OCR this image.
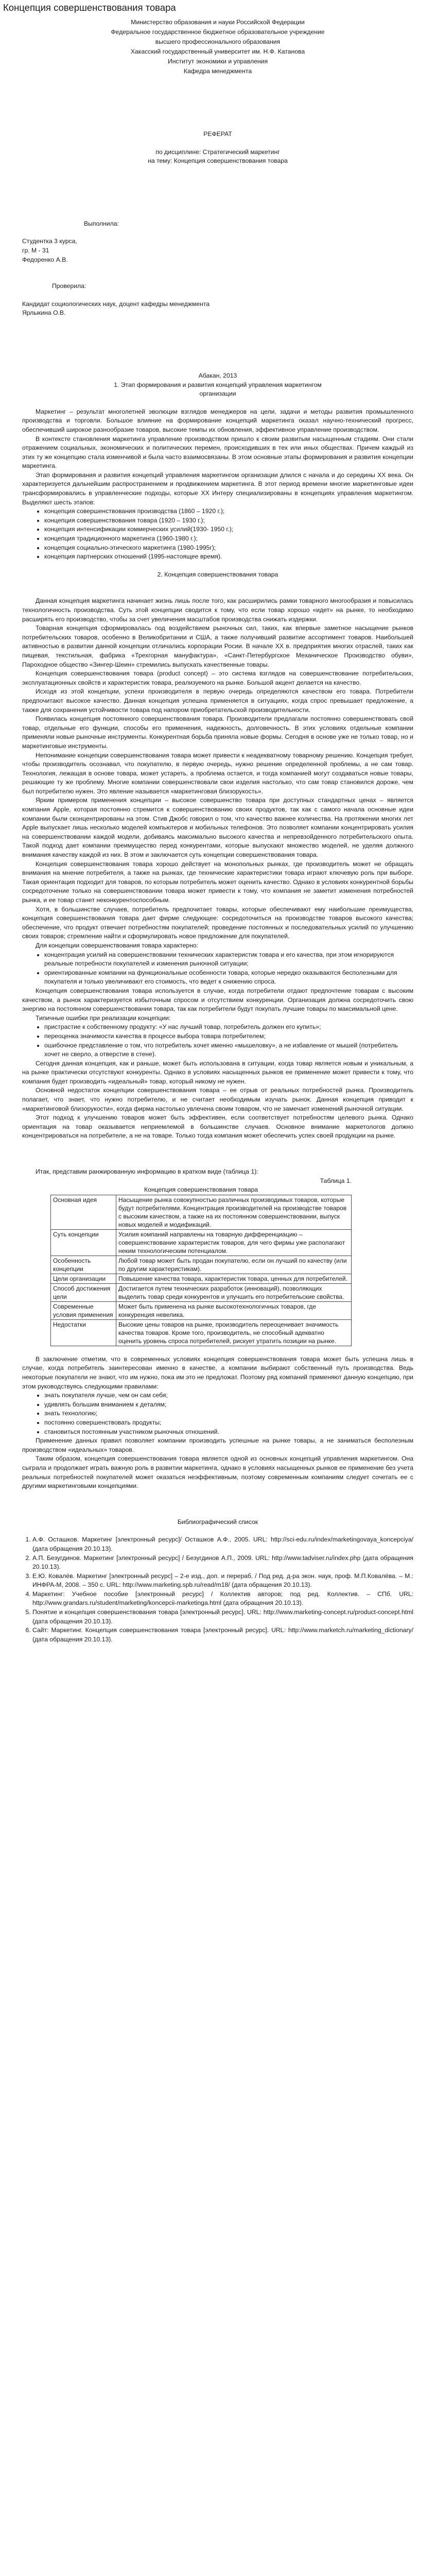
Концепция совершенствования товара

Министерство образования и науки Российской Федерации

Федеральное государственное бюджетное образовательное учреждение

высшего профессионального образования

Хакасский государственный университет им. Н.Ф. Катанова

Институт экономики и управления

Кафедра менеджмента

РЕФЕРАТ

по дисциплине: Стратегический маркетинг

на тему: Концепция совершенствования товара

Выполнила:

Студентка 3 курса,

гр. М - 31

Федоренко А.В.

Проверила:

Кандидат социологических наук, доцент кафедры менеджмента

Ярлыкина О.В.

Абакан, 2013

1. Этап формирования и развития концепций управления маркетингом

организации

Маркетинг – результат многолетней эволюции взглядов менеджеров на цели, задачи и методы развития промышленного производства и торговли. Большое влияние на формирование концепций маркетинга оказал научно-технический прогресс, обеспечивший широкое разнообразие товаров, высокие темпы их обновления, эффективное управление производством.

В контексте становления маркетинга управление производством пришло к своим развитым насыщенным стадиям. Они стали отражением социальных, экономических и политических перемен, происходивших в тех или иных обществах. Причем каждый из этих ту же концепцию стала изменчивой и была часто взаимосвязаны. В этом основные этапы формирования и развития концепции маркетинга.

Этап формирования и развития концепций управления маркетингом организации длился с начала и до середины XX века. Он характеризуется дальнейшим распространением и продвижением маркетинга. В этот период времени многие маркетинговые идеи трансформировались в управленческие подходы, которые XX Интеру специализированы в концепциях управления маркетингом. Выделяют шесть этапов:

• концепция совершенствования производства (1860 – 1920 г.);
• концепция совершенствования товара (1920 – 1930 г.);
• концепция интенсификации коммерческих усилий(1930- 1950 г.);
• концепция традиционного маркетинга (1960-1980 г.);
• концепция социально-этического маркетинга (1980-1995г);
• концепция партнерских отношений (1995-настоящее время).

2. Концепция совершенствования товара

Данная концепция маркетинга начинает жизнь лишь после того, как расширились рамки товарного многообразия и повысилась технологичность производства. Суть этой концепции сводится к тому, что если товар хорошо «идет» на рынке, то необходимо расширять его производство, чтобы за счет увеличения масштабов производства снижать издержки.

Товарная концепция сформировалась под воздействием рыночных сил, таких, как впервые заметное насыщение рынков потребительских товаров, особенно в Великобритании и США, а также получивший развитие ассортимент товаров. Наибольшей активностью в развитии данной концепции отличались корпорации Росии. В начале XX в. предприятия многих отраслей, таких как пищевая, текстильная, фабрика «Трехгорная мануфактура», «Санкт-Петербургское Механическое Производство обуви», Пароходное общество «Зингер-Шеин» стремились выпускать качественные товары.

Концепция совершенствования товара (product concept) – это система взглядов на совершенствование потребительских, эксплуатационных свойств и характеристик товара, реализуемого на рынке. Большой акцент делается на качество.

Исходя из этой концепции, успехи производителя в первую очередь определяются качеством его товара. Потребители предпочитают высокое качество. Данная концепция успешна применяется в ситуациях, когда спрос превышает предложение, а также для сохранения устойчивости товара под напором приобретательской производительности.

Появилась концепция постоянного совершенствования товара. Производители предлагали постоянно совершенствовать свой товар, отдельные его функции, способы его применения, надежность, долговечность. В этих условиях отдельные компании применяли новые рыночные инструменты. Конкурентная борьба приняла новые формы. Сегодня в основе уже не только товар, но и маркетинговые инструменты.

Непонимание концепции совершенствования товара может привести к неадекватному товарному решению. Концепция требует, чтобы производитель осознавал, что покупателю, в первую очередь, нужно решение определенной проблемы, а не сам товар. Технология, лежащая в основе товара, может устареть, а проблема остается, и тогда компанией могут создаваться новые товары, решающие ту же проблему. Многие компании совершенствовали свои изделия настолько, что сам товар становился дороже, чем был потребителю нужен. Это явление называется «маркетинговая близорукость».

Ярким примером применения концепции – высокое совершенство товара при доступных стандартных ценах – является компания Apple, которая постоянно стремится к совершенствованию своих продуктов, так как с самого начала основные идеи компании были сконцентрированы на этом. Стив Джобс говорил о том, что качество важнее количества. На протяжении многих лет Apple выпускает лишь несколько моделей компьютеров и мобильных телефонов. Это позволяет компании концентрировать усилия на совершенствовании каждой модели, добиваясь максимально высокого качества и непревзойденного потребительского опыта. Такой подход дает компании преимущество перед конкурентами, которые выпускают множество моделей, не уделяя должного внимания качеству каждой из них. В этом и заключается суть концепции совершенствования товара.

Концепция совершенствования товара хорошо действует на монопольных рынках, где производитель может не обращать внимания на мнение потребителя, а также на рынках, где технические характеристики товара играют ключевую роль при выборе. Такая ориентация подходит для товаров, по которым потребитель может оценить качество. Однако в условиях конкурентной борьбы сосредоточение только на совершенствовании товара может привести к тому, что компания не заметит изменения потребностей рынка, и ее товар станет неконкурентоспособным.

Хотя, в большинстве случаев, потребитель предпочитает товары, которые обеспечивают ему наибольшие преимущества, концепция совершенствования товара дает фирме следующее: сосредоточиться на производстве товаров высокого качества; обеспечение, что продукт отвечает потребностям покупателей; проведение постоянных и последовательных усилий по улучшению своих товаров; стремление найти и сформулировать новое предложение для покупателей.

Для концепции совершенствования товара характерно:

• концентрация усилий на совершенствовании технических характеристик товара и его качества, при этом игнорируются реальные потребности покупателей и изменения рыночной ситуации;
• ориентированные компании на функциональные особенности товара, которые нередко оказываются бесполезными для покупателя и только увеличивают его стоимость, что ведет к снижению спроса.

Концепция совершенствования товара используется в случае, когда потребители отдают предпочтение товарам с высоким качеством, а рынок характеризуется избыточным спросом и отсутствием конкуренции. Организация должна сосредоточить свою энергию на постоянном совершенствовании товара, так как потребители будут покупать лучшие товары по максимальной цене.

Типичные ошибки при реализации концепции:

• пристрастие к собственному продукту: «У нас лучший товар, потребитель должен его купить»;
• переоценка значимости качества в процессе выбора товара потребителем;
• ошибочное представление о том, что потребитель хочет именно «мышеловку», а не избавление от мышей (потребитель хочет не сверло, а отверстие в стене).

Сегодня данная концепция, как и раньше, может быть использована в ситуации, когда товар является новым и уникальным, а на рынке практически отсутствуют конкуренты. Однако в условиях насыщенных рынков ее применение может привести к тому, что компания будет производить «идеальный» товар, который никому не нужен.

Основной недостаток концепции совершенствования товара – ее отрыв от реальных потребностей рынка. Производитель полагает, что знает, что нужно потребителю, и не считает необходимым изучать рынок. Данная концепция приводит к «маркетинговой близорукости», когда фирма настолько увлечена своим товаром, что не замечает изменений рыночной ситуации.

Этот подход к улучшению товаров может быть эффективен, если соответствует потребностям целевого рынка. Однако ориентация на товар оказывается неприемлемой в большинстве случаев. Основное внимание маркетологов должно концентрироваться на потребителе, а не на товаре. Только тогда компания может обеспечить успех своей продукции на рынке.

Итак, представим ранжированную информацию в кратком виде (таблица 1):

Таблица 1.

Концепция совершенствования товара

Основная идея	Насыщение рынка совокупностью различных производимых товаров, которые будут потребителями. Концентрация производителей на производстве товаров с высоким качеством, а также на их постоянном совершенствовании, выпуск новых моделей и модификаций.
Суть концепции	Усилия компаний направлены на товарную дифференциацию – совершенствование характеристик товаров, для чего фирмы уже располагают неким технологическим потенциалом.
Особенность концепции	Любой товар может быть продан покупателю, если он лучший по качеству (или по другим характеристикам).
Цели организации	Повышение качества товара, характеристик товара, ценных для потребителей.
Способ достижения цели	Достигается путем технических разработок (инноваций), позволяющих выделить товар среди конкурентов и улучшить его потребительские свойства.
Современные условия применения	Может быть применена на рынке высокотехнологичных товаров, где конкуренция невелика.
Недостатки	Высокие цены товаров на рынке, производитель переоценивает значимость качества товаров. Кроме того, производитель, не способный адекватно оценить уровень спроса потребителей, рискует утратить позиции на рынке.

В заключение отметим, что в современных условиях концепция совершенствования товара может быть успешна лишь в случае, когда потребитель заинтересован именно в качестве, а компании выбирают собственный путь производства. Ведь некоторые покупатели не знают, что им нужно, пока им это не предложат. Поэтому ряд компаний применяют данную концепцию, при этом руководствуясь следующими правилами:

• знать покупателя лучше, чем он сам себя;
• удивлять большим вниманием к деталям;
• знать технологию;
• постоянно совершенствовать продукты;
• становиться постоянным участником рыночных отношений.

Применение данных правил позволяет компании производить успешные на рынке товары, а не заниматься бесполезным производством «идеальных» товаров.

Таким образом, концепция совершенствования товара является одной из основных концепций управления маркетингом. Она сыграла и продолжает играть важную роль в развитии маркетинга, однако в условиях насыщенных рынков ее применение без учета реальных потребностей покупателей может оказаться неэффективным, поэтому современным компаниям следует сочетать ее с другими маркетинговыми концепциями.

Библиографический список

1. А.Ф. Осташков. Маркетинг [электронный ресурс]/ Осташков А.Ф., 2005. URL: http://sci-edu.ru/index/marketingovaya_koncepciya/ (дата обращения 20.10.13).
2. А.П. Безугдинов. Маркетинг [электронный ресурс] / Безугдинов А.П., 2009. URL: http://www.tadviser.ru/index.php (дата обращения 20.10.13).
3. Е.Ю. Ковалёв. Маркетинг [электронный ресурс] – 2-е изд., доп. и перераб. / Под ред. д-ра экон. наук, проф. М.П.Ковалёва. – М.: ИНФРА-М, 2008. – 350 с. URL: http://www.marketing.spb.ru/read/m18/ (дата обращения 20.10.13).
4. Маркетинг: Учебное пособие [электронный ресурс] / Коллектив авторов; под ред. Коллектив. – СПб. URL: http://www.grandars.ru/student/marketing/koncepcii-marketinga.html (дата обращения 20.10.13).
5. Понятие и концепция совершенствования товара [электронный ресурс]. URL: http://www.marketing-concept.ru/product-concept.html (дата обращения 20.10.13).
6. Сайт: Маркетинг. Концепция совершенствования товара [электронный ресурс]. URL: http://www.marketch.ru/marketing_dictionary/ (дата обращения 20.10.13).
